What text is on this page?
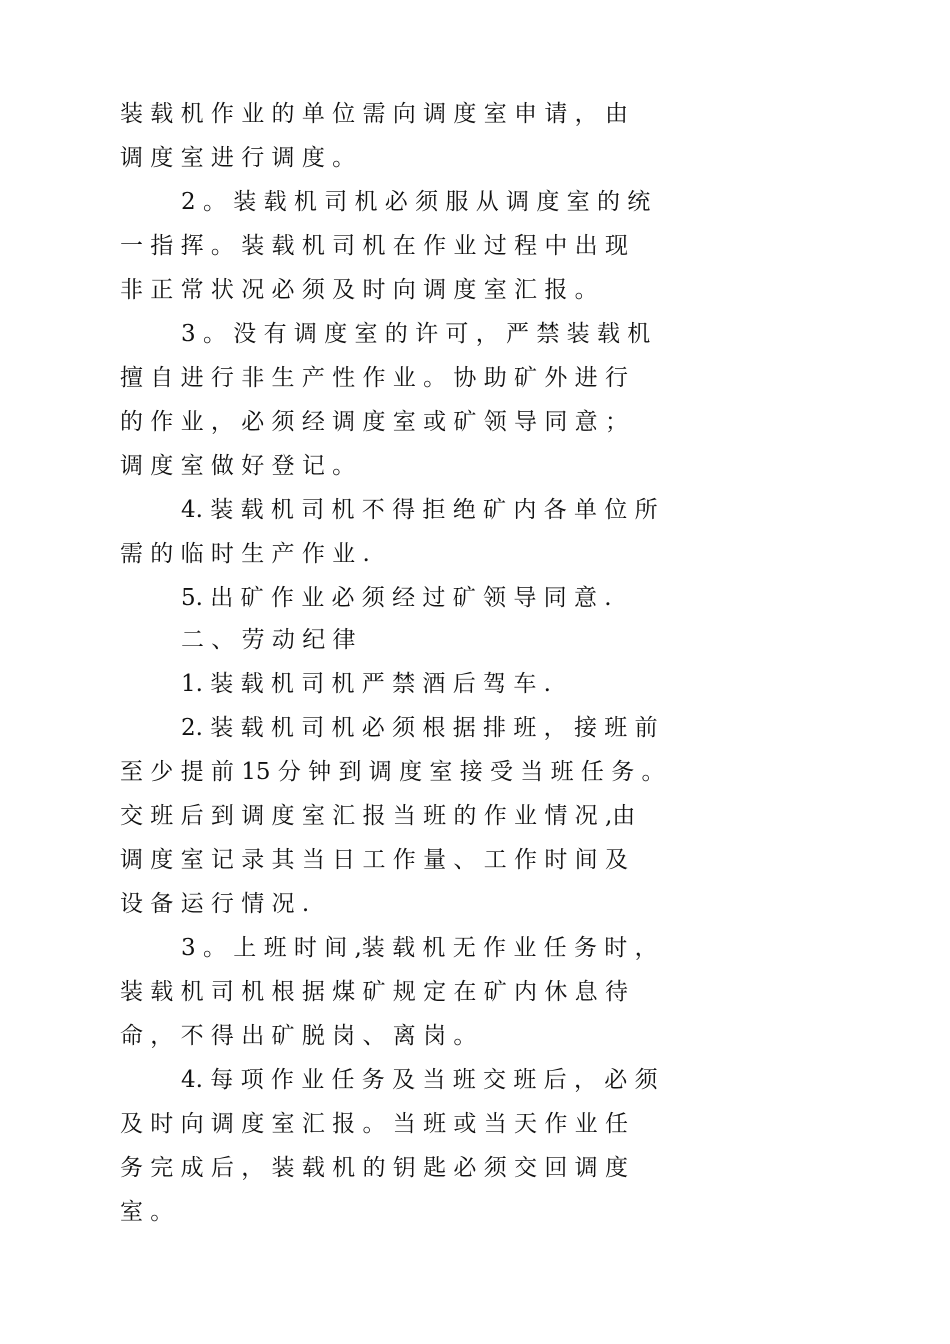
装 载 机 作 业 的 单 位 需 向 调 度 室 申 请 ， 由
调 度 室 进 行 调 度 。
2 。 装 载 机 司 机 必 须 服 从 调 度 室 的 统
一 指 挥 。 装 载 机 司 机 在 作 业 过 程 中 出 现
非 正 常 状 况 必 须 及 时 向 调 度 室 汇 报 。
3 。 没 有 调 度 室 的 许 可 ， 严 禁 装 载 机
擅 自 进 行 非 生 产 性 作 业 。 协 助 矿 外 进 行
的 作 业 ， 必 须 经 调 度 室 或 矿 领 导 同 意 ；
调 度 室 做 好 登 记 。
4. 装 载 机 司 机 不 得 拒 绝 矿 内 各 单 位 所
需 的 临 时 生 产 作 业 .
5. 出 矿 作 业 必 须 经 过 矿 领 导 同 意 .
二 、 劳 动 纪 律
1. 装 载 机 司 机 严 禁 酒 后 驾 车 .
2. 装 载 机 司 机 必 须 根 据 排 班 ， 接 班 前
至 少 提 前 15 分 钟 到 调 度 室 接 受 当 班 任 务 。
交 班 后 到 调 度 室 汇 报 当 班 的 作 业 情 况 ,由
调 度 室 记 录 其 当 日 工 作 量 、 工 作 时 间 及
设 备 运 行 情 况 .
3 。 上 班 时 间 ,装 载 机 无 作 业 任 务 时 ，
装 载 机 司 机 根 据 煤 矿 规 定 在 矿 内 休 息 待
命 ， 不 得 出 矿 脱 岗 、 离 岗 。
4. 每 项 作 业 任 务 及 当 班 交 班 后 ， 必 须
及 时 向 调 度 室 汇 报 。 当 班 或 当 天 作 业 任
务 完 成 后 ， 装 载 机 的 钥 匙 必 须 交 回 调 度
室 。
